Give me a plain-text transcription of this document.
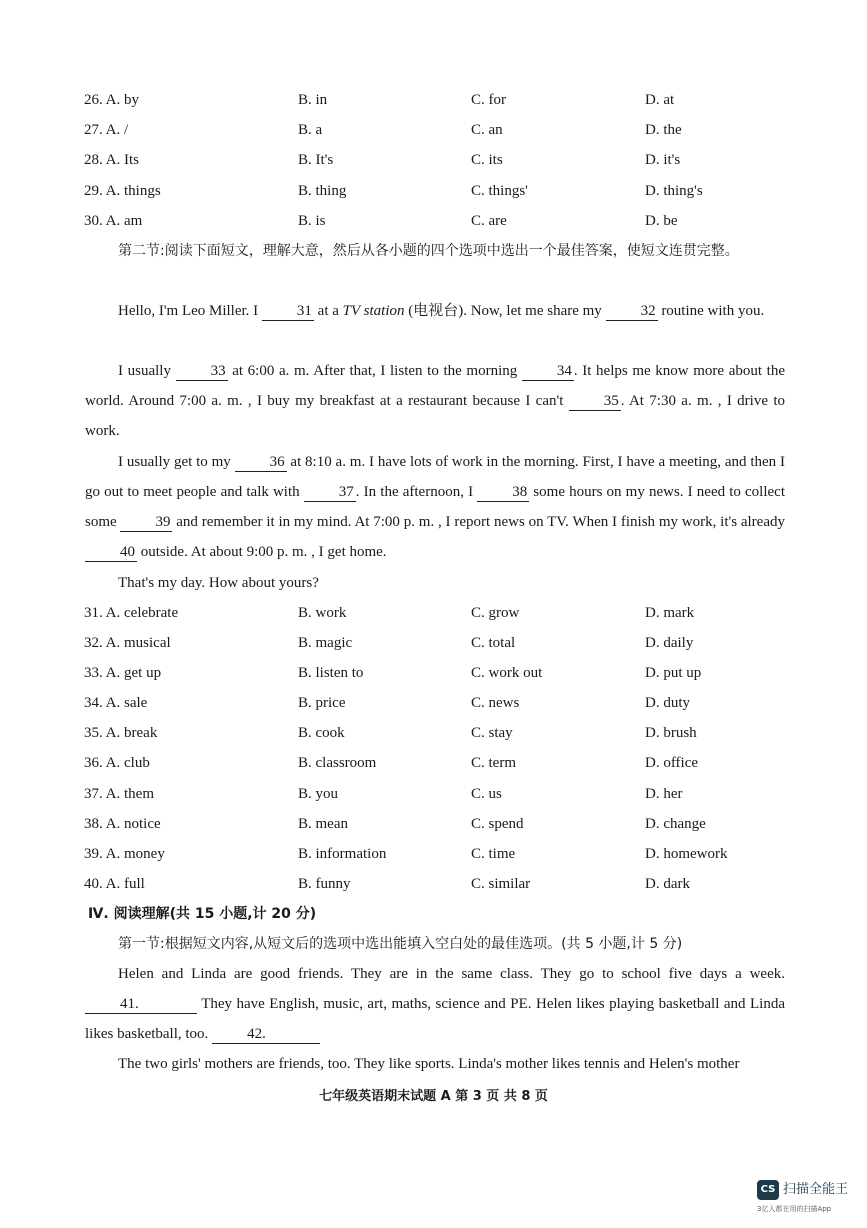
26. A. by	B. in	C. for	D. at
27. A. /	B. a	C. an	D. the
28. A. Its	B. It's	C. its	D. it's
29. A. things	B. thing	C. things'	D. thing's
30. A. am	B. is	C. are	D. be
第二节:阅读下面短文，理解大意，然后从各小题的四个选项中选出一个最佳答案，使短文连贯完整。
Hello, I'm Leo Miller. I 31 at a TV station (电视台). Now, let me share my 32 routine with you.
I usually 33 at 6:00 a. m. After that, I listen to the morning 34 . It helps me know more about the world. Around 7:00 a. m. , I buy my breakfast at a restaurant because I can't 35 . At 7:30 a. m. , I drive to work.
I usually get to my 36 at 8:10 a. m. I have lots of work in the morning. First, I have a meeting, and then I go out to meet people and talk with 37 . In the afternoon, I 38 some hours on my news. I need to collect some 39 and remember it in my mind. At 7:00 p. m. , I report news on TV. When I finish my work, it's already 40 outside. At about 9:00 p. m. , I get home.
That's my day. How about yours?
31. A. celebrate	B. work	C. grow	D. mark
32. A. musical	B. magic	C. total	D. daily
33. A. get up	B. listen to	C. work out	D. put up
34. A. sale	B. price	C. news	D. duty
35. A. break	B. cook	C. stay	D. brush
36. A. club	B. classroom	C. term	D. office
37. A. them	B. you	C. us	D. her
38. A. notice	B. mean	C. spend	D. change
39. A. money	B. information	C. time	D. homework
40. A. full	B. funny	C. similar	D. dark
Ⅳ. 阅读理解(共 15 小题,计 20 分)
第一节:根据短文内容,从短文后的选项中选出能填入空白处的最佳选项。(共 5 小题,计 5 分)
Helen and Linda are good friends. They are in the same class. They go to school five days a week. 41.	They have English, music, art, maths, science and PE. Helen likes playing basketball and Linda likes basketball, too. 42.
The two girls' mothers are friends, too. They like sports. Linda's mother likes tennis and Helen's mother
七年级英语期末试题 A 第 3 页 共 8 页
CS 扫描全能王
3亿人都在用的扫描App
